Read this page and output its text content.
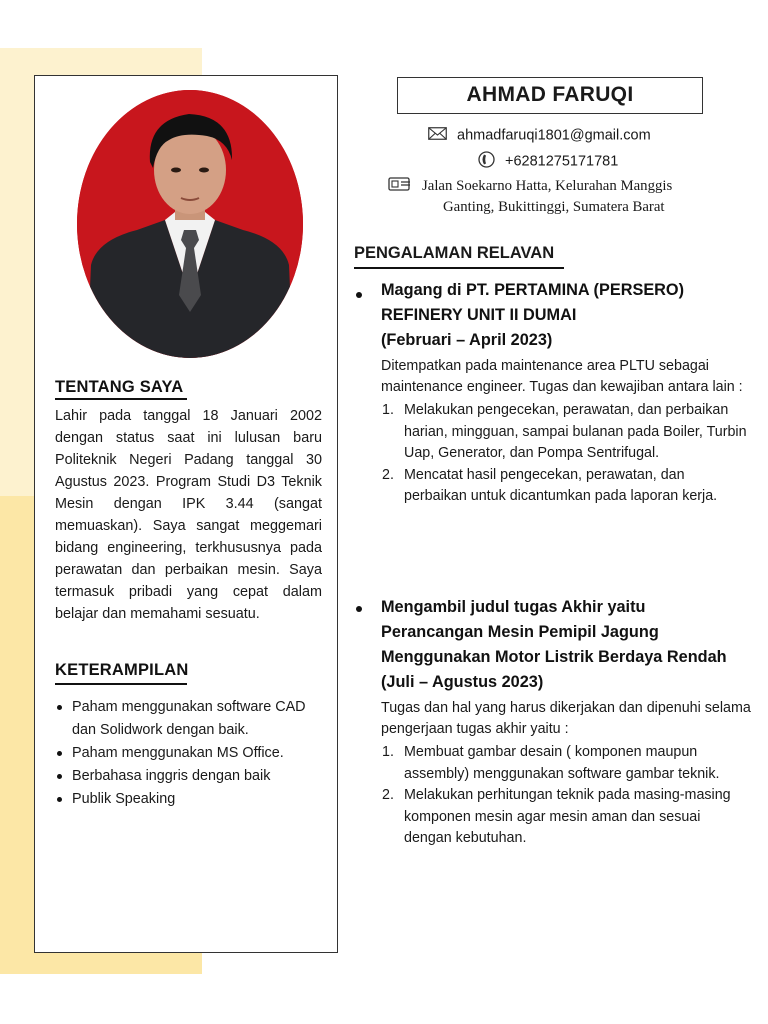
TENTANG SAYA
Lahir pada tanggal 18 Januari 2002 dengan status saat ini lulusan baru Politeknik Negeri Padang tanggal 30 Agustus 2023. Program Studi D3 Teknik Mesin dengan IPK 3.44 (sangat memuaskan). Saya sangat meggemari bidang engineering, terkhususnya pada perawatan dan perbaikan mesin. Saya termasuk pribadi yang cepat dalam belajar dan memahami sesuatu.
KETERAMPILAN
Paham menggunakan software CAD dan Solidwork dengan baik.
Paham menggunakan MS Office.
Berbahasa inggris dengan baik
Publik Speaking
AHMAD FARUQI
ahmadfaruqi1801@gmail.com
+6281275171781
Jalan Soekarno Hatta, Kelurahan Manggis
Ganting, Bukittinggi, Sumatera Barat
PENGALAMAN RELAVAN
Magang di PT. PERTAMINA (PERSERO) REFINERY UNIT II DUMAI
(Februari – April 2023)
Ditempatkan pada maintenance area PLTU sebagai maintenance engineer. Tugas dan kewajiban antara lain :
1. Melakukan pengecekan, perawatan, dan perbaikan harian, mingguan, sampai bulanan pada Boiler, Turbin Uap, Generator, dan Pompa Sentrifugal.
2. Mencatat hasil pengecekan, perawatan, dan perbaikan untuk dicantumkan pada laporan kerja.
Mengambil judul tugas Akhir yaitu Perancangan Mesin Pemipil Jagung Menggunakan Motor Listrik Berdaya Rendah
(Juli – Agustus 2023)
Tugas dan hal yang harus dikerjakan dan dipenuhi selama pengerjaan tugas akhir yaitu :
1. Membuat gambar desain ( komponen maupun assembly) menggunakan software gambar teknik.
2. Melakukan perhitungan teknik pada masing-masing komponen mesin agar mesin aman dan sesuai dengan kebutuhan.
